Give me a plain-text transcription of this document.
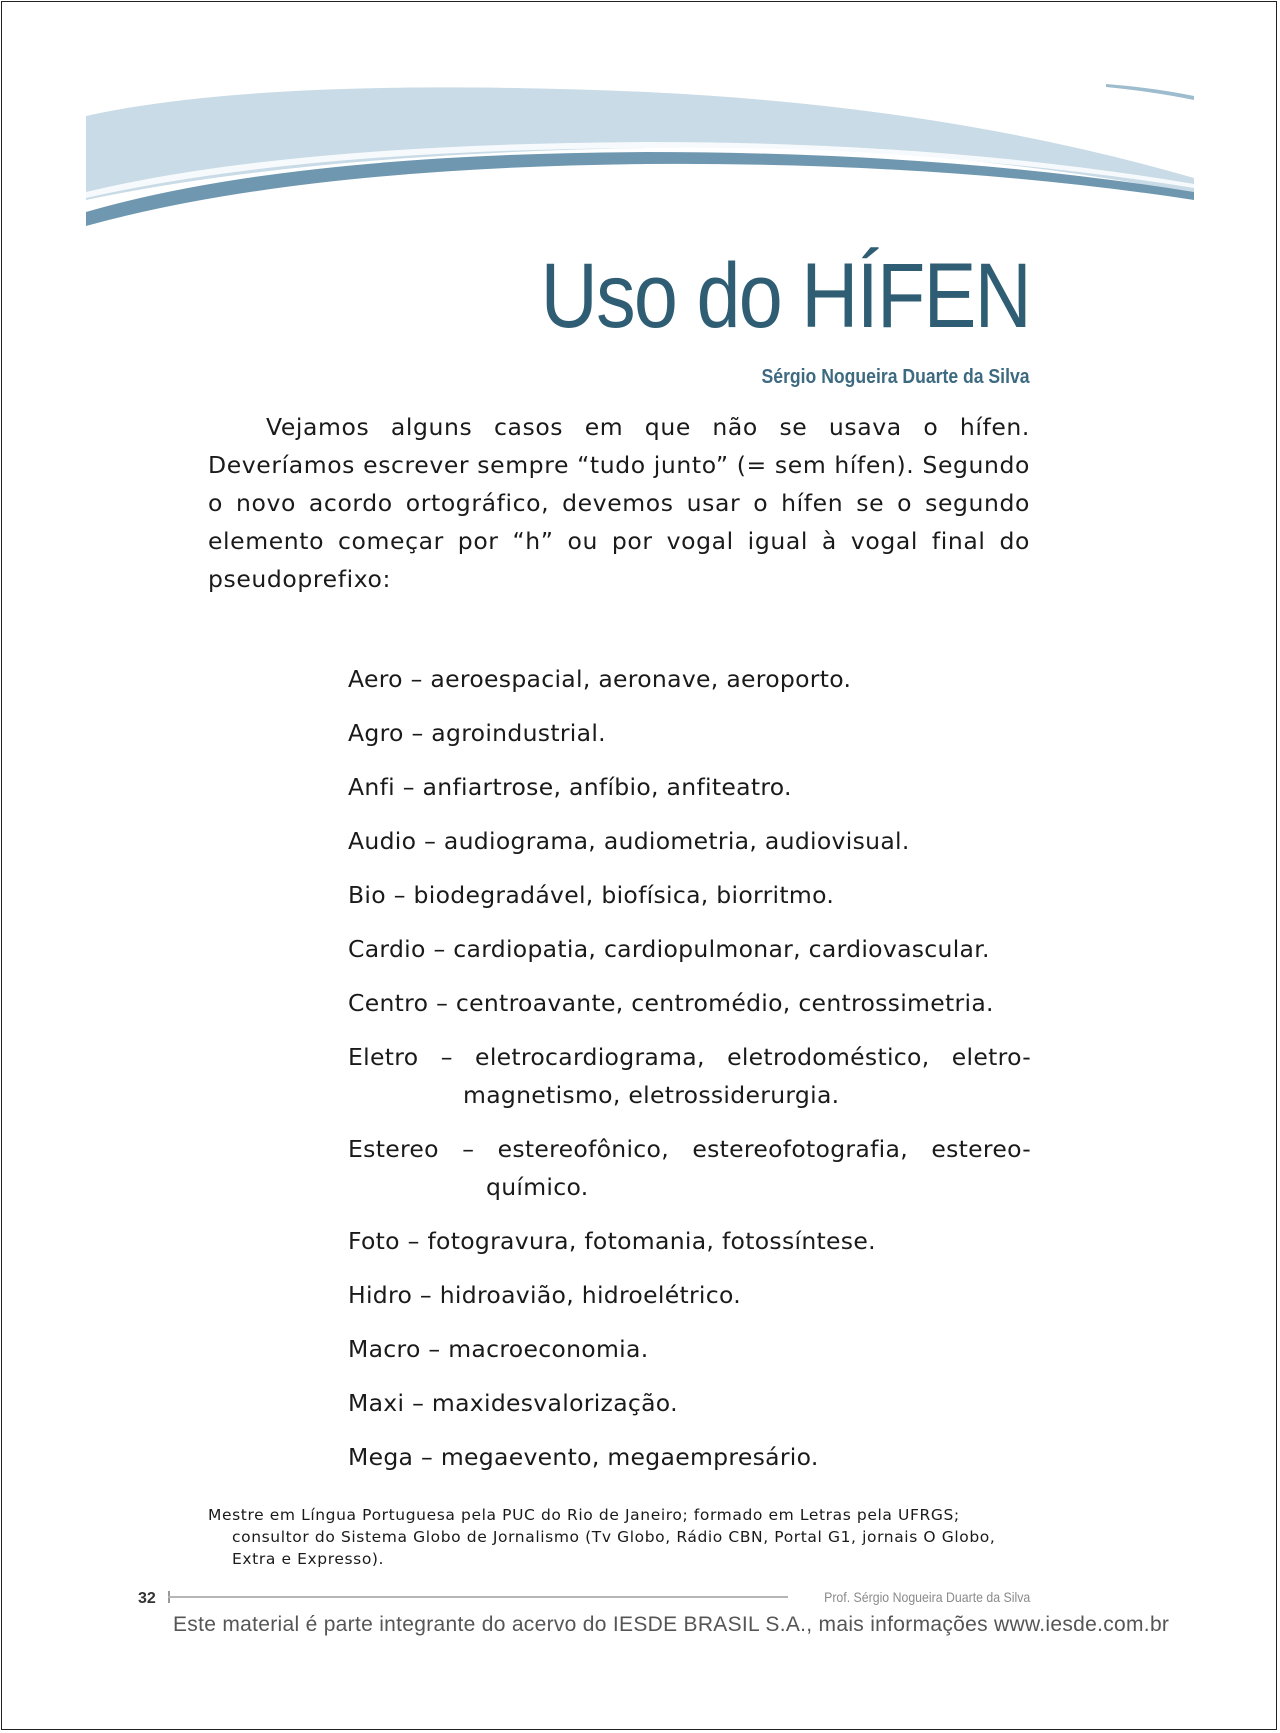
Uso do HÍFEN
Sérgio Nogueira Duarte da Silva

Vejamos alguns casos em que não se usava o hífen. Deveríamos escrever sempre “tudo junto” (= sem hífen). Segundo o novo acordo ortográfico, devemos usar o hífen se o segundo elemento começar por “h” ou por vogal igual à vogal final do pseudoprefixo:

Aero – aeroespacial, aeronave, aeroporto.
Agro – agroindustrial.
Anfi – anfiartrose, anfíbio, anfiteatro.
Audio – audiograma, audiometria, audiovisual.
Bio – biodegradável, biofísica, biorritmo.
Cardio – cardiopatia, cardiopulmonar, cardiovascular.
Centro – centroavante, centromédio, centrossimetria.
Eletro – eletrocardiograma, eletrodoméstico, eletro-
magnetismo, eletrossiderurgia.
Estereo – estereofônico, estereofotografia, estereo-
químico.
Foto – fotogravura, fotomania, fotossíntese.
Hidro – hidroavião, hidroelétrico.
Macro – macroeconomia.
Maxi – maxidesvalorização.
Mega – megaevento, megaempresário.

Mestre em Língua Portuguesa pela PUC do Rio de Janeiro; formado em Letras pela UFRGS;
consultor do Sistema Globo de Jornalismo (Tv Globo, Rádio CBN, Portal G1, jornais O Globo,
Extra e Expresso).

32	Prof. Sérgio Nogueira Duarte da Silva
Este material é parte integrante do acervo do IESDE BRASIL S.A., mais informações www.iesde.com.br
